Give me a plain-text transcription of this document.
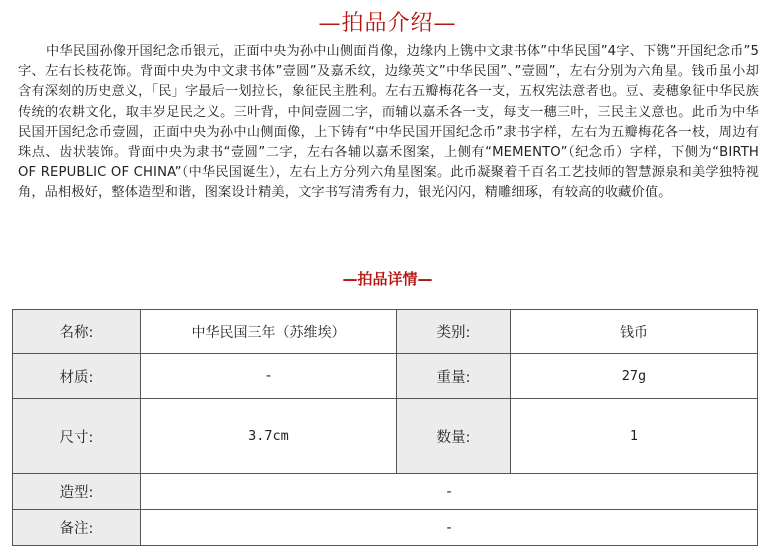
—拍品介绍—
中华民国孙像开国纪念币银元，正面中央为孙中山侧面肖像，边缘内上镌中文隶书体”中华民国”4字、下镌”开国纪念币”5字、左右长枝花饰。背面中央为中文隶书体”壹圆”及嘉禾纹，边缘英文”中华民国”、”壹圆”，左右分别为六角星。钱币虽小却含有深刻的历史意义，「民」字最后一划拉长，象征民主胜利。左右五瓣梅花各一支，五权宪法意者也。豆、麦穗象征中华民族传统的农耕文化，取丰岁足民之义。三叶背，中间壹圆二字，而辅以嘉禾各一支，每支一穗三叶，三民主义意也。此币为中华民国开国纪念币壹圆，正面中央为孙中山侧面像，上下铸有“中华民国开国纪念币”隶书字样，左右为五瓣梅花各一枝，周边有珠点、齿状装饰。背面中央为隶书“壹圆”二字，左右各辅以嘉禾图案，上侧有“MEMENTO”（纪念币）字样，下侧为“BIRTH OF REPUBLIC OF CHINA”（中华民国诞生），左右上方分列六角星图案。此币凝聚着千百名工艺技师的智慧源泉和美学独特视角，品相极好，整体造型和谐，图案设计精美，文字书写清秀有力，银光闪闪，精雕细琢，有较高的收藏价值。
—拍品详情—
名称:	中华民国三年（苏维埃）	类别:	钱币
材质:	-	重量:	27g
尺寸:	3.7cm	数量:	1
造型:	-		
备注:	-		
